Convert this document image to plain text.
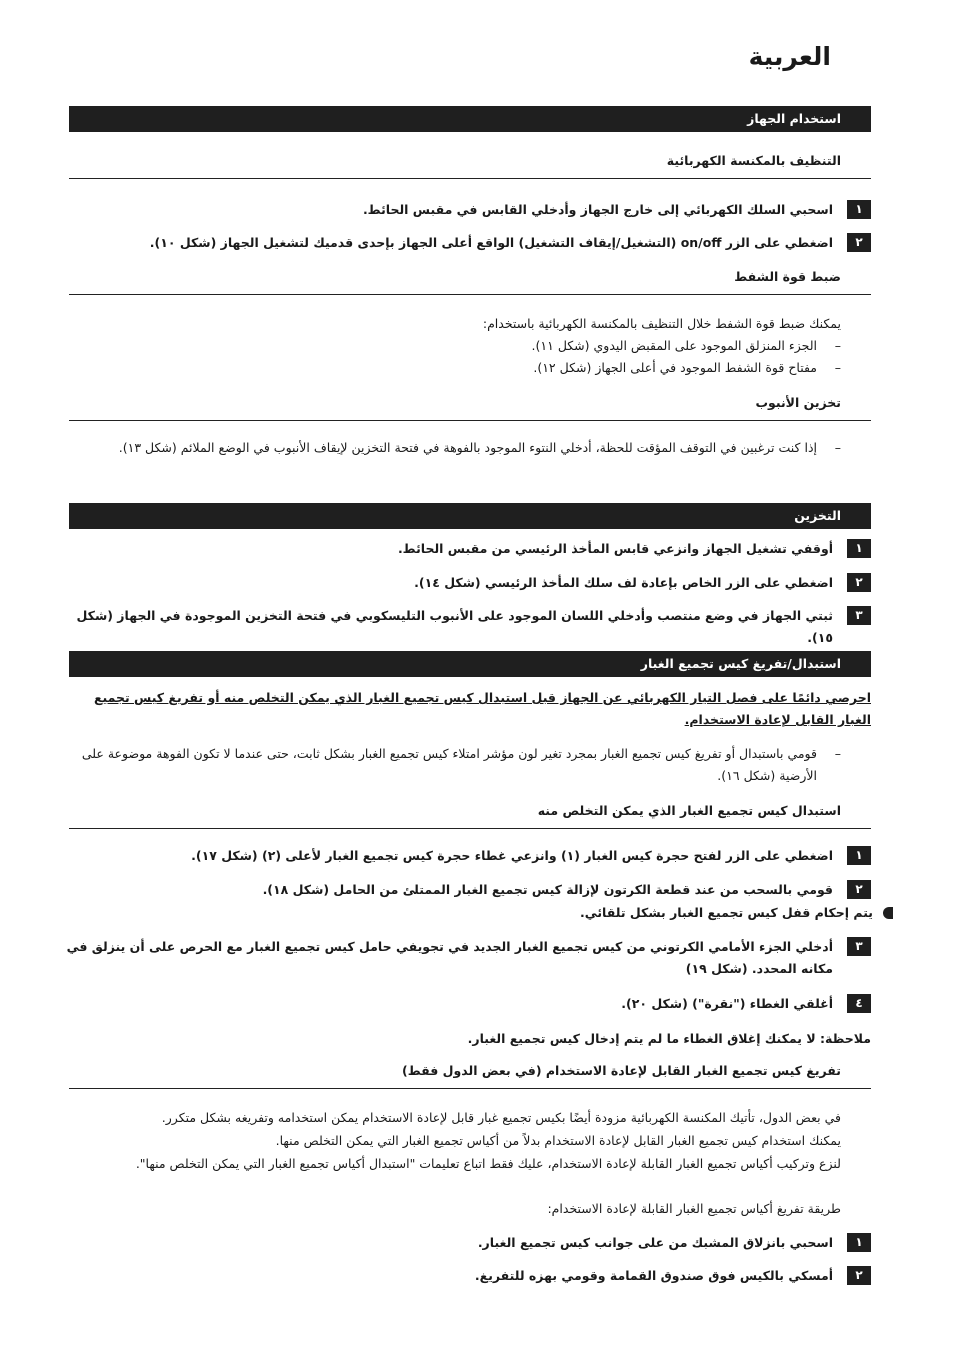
العربية
استخدام الجهاز
التنظيف بالمكنسة الكهربائية
١
اسحبي السلك الكهربائي إلى خارج الجهاز وأدخلي القابس في مقبس الحائط.
٢
اضغطي على الزر on/off (التشغيل/إيقاف التشغيل) الواقع أعلى الجهاز بإحدى قدميك لتشغيل الجهاز (شكل ١٠).
ضبط قوة الشفط
يمكنك ضبط قوة الشفط خلال التنظيف بالمكنسة الكهربائية باستخدام:
–
الجزء المنزلق الموجود على المقبض اليدوي (شكل ١١).
–
مفتاح قوة الشفط الموجود في أعلى الجهاز (شكل ١٢).
تخزين الأنبوب
–
إذا كنت ترغبين في التوقف المؤقت للحظة، أدخلي النتوء الموجود بالفوهة في فتحة التخزين لإيقاف الأنبوب في الوضع الملائم (شكل ١٣).
التخزين
١
أوقفي تشغيل الجهاز وانزعي قابس المأخذ الرئيسي من مقبس الحائط.
٢
اضغطي على الزر الخاص بإعادة لف سلك المأخذ الرئيسي (شكل ١٤).
٣
ثبتي الجهاز في وضع منتصب وأدخلي اللسان الموجود على الأنبوب التليسكوبي في فتحة التخزين الموجودة في الجهاز (شكل ١٥).
استبدال/تفريغ كيس تجميع الغبار
احرصي دائمًا على فصل التيار الكهربائي عن الجهاز قبل استبدال كيس تجميع الغبار الذي يمكن التخلص منه أو تفريغ كيس تجميع الغبار القابل لإعادة الاستخدام.
–
قومي باستبدال أو تفريغ كيس تجميع الغبار بمجرد تغير لون مؤشر امتلاء كيس تجميع الغبار بشكل ثابت، حتى عندما لا تكون الفوهة موضوعة على الأرضية (شكل ١٦).
استبدال كيس تجميع الغبار الذي يمكن التخلص منه
١
اضغطي على الزر لفتح حجرة كيس الغبار (١) وانزعي غطاء حجرة كيس تجميع الغبار لأعلى (٢) (شكل ١٧).
٢
قومي بالسحب من عند قطعة الكرتون لإزالة كيس تجميع الغبار الممتلئ من الحامل (شكل ١٨).
يتم إحكام قفل كيس تجميع الغبار بشكل تلقائي.
٣
أدخلي الجزء الأمامي الكرتوني من كيس تجميع الغبار الجديد في تجويفي حامل كيس تجميع الغبار مع الحرص على أن ينزلق في مكانه المحدد. (شكل ١٩)
٤
أغلقي الغطاء ("نقرة") (شكل ٢٠).
ملاحظة: لا يمكنك إغلاق الغطاء ما لم يتم إدخال كيس تجميع الغبار.
تفريغ كيس تجميع الغبار القابل لإعادة الاستخدام (في بعض الدول فقط)
في بعض الدول، تأتيك المكنسة الكهربائية مزودة أيضًا بكيس تجميع غبار قابل لإعادة الاستخدام يمكن استخدامه وتفريغه بشكل متكرر.
يمكنك استخدام كيس تجميع الغبار القابل لإعادة الاستخدام بدلاً من أكياس تجميع الغبار التي يمكن التخلص منها.
لنزع وتركيب أكياس تجميع الغبار القابلة لإعادة الاستخدام، عليك فقط اتباع تعليمات "استبدال أكياس تجميع الغبار التي يمكن التخلص منها".
طريقة تفريغ أكياس تجميع الغبار القابلة لإعادة الاستخدام:
١
اسحبي بانزلاق المشبك من على جوانب كيس تجميع الغبار.
٢
أمسكي بالكيس فوق صندوق القمامة وقومي بهزه للتفريغ.
